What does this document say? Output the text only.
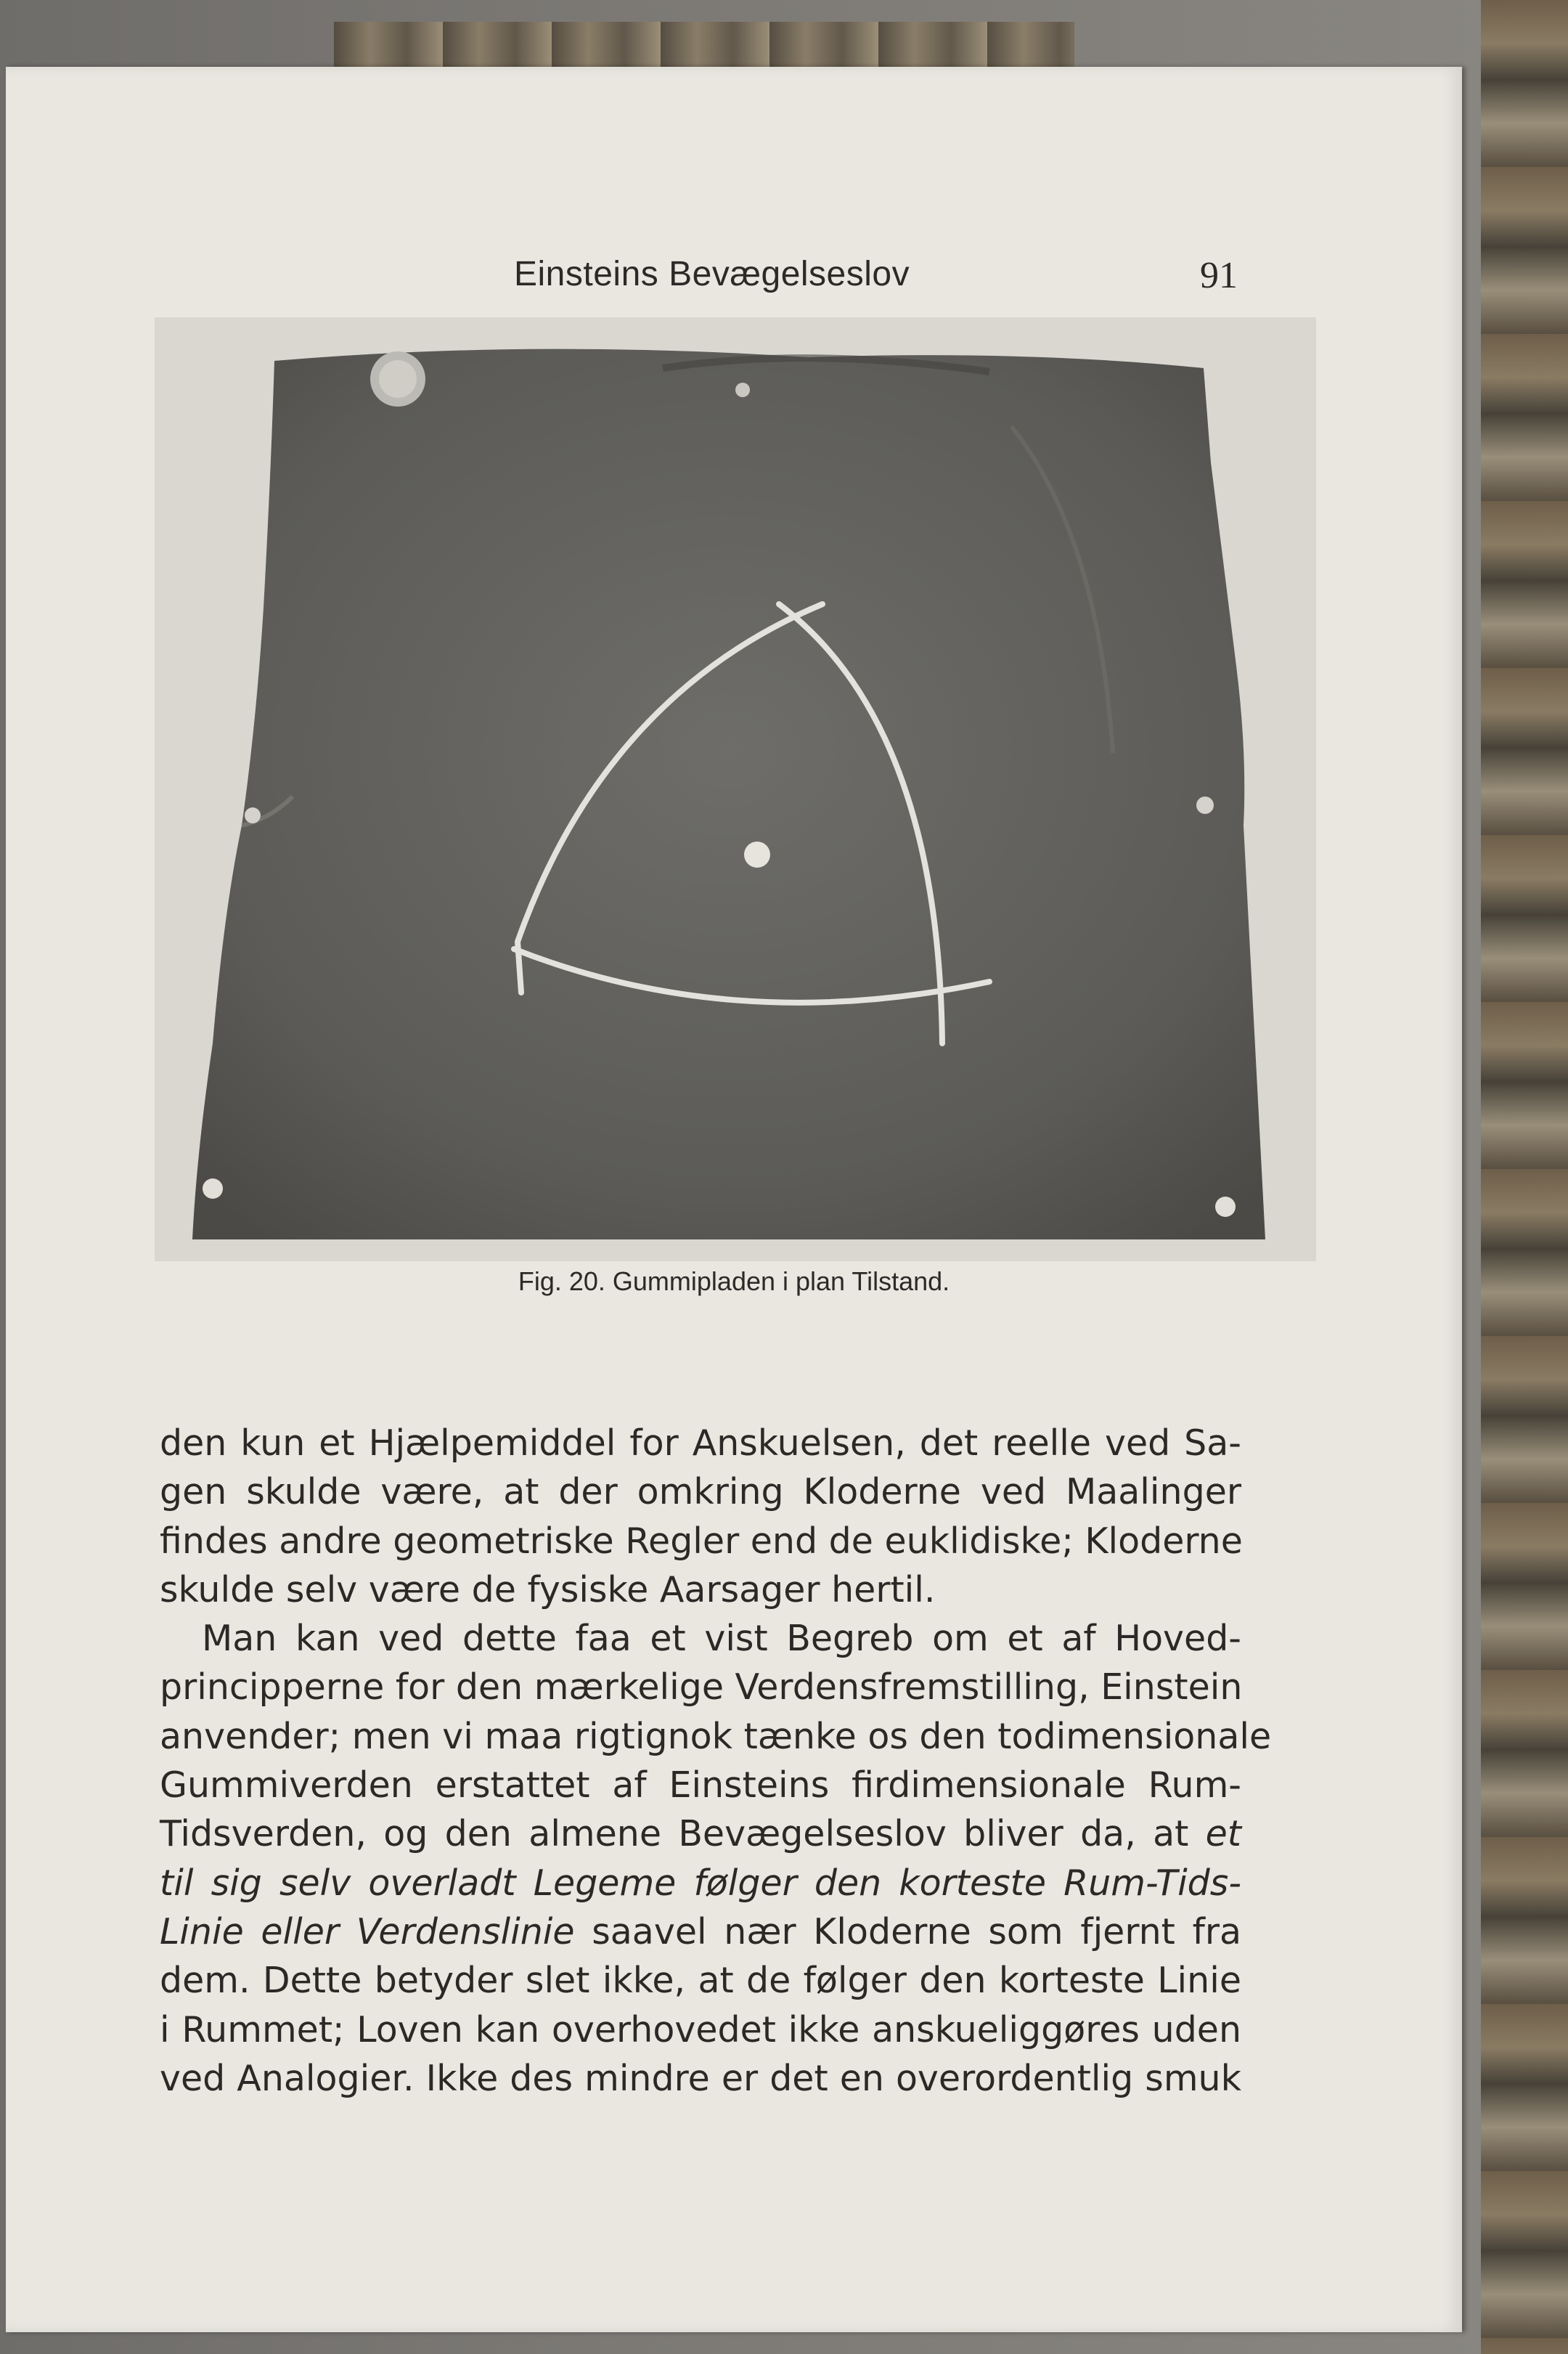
Einsteins Bevægelseslov	91
Fig. 20. Gummipladen i plan Tilstand.
den kun et Hjælpemiddel for Anskuelsen, det reelle ved Sa-
gen skulde være, at der omkring Kloderne ved Maalinger
findes andre geometriske Regler end de euklidiske; Kloderne
skulde selv være de fysiske Aarsager hertil.
Man kan ved dette faa et vist Begreb om et af Hoved-
principperne for den mærkelige Verdensfremstilling, Einstein
anvender; men vi maa rigtignok tænke os den todimensionale
Gummiverden erstattet af Einsteins firdimensionale Rum-
Tidsverden, og den almene Bevægelseslov bliver da, at et
til sig selv overladt Legeme følger den korteste Rum-Tids-
Linie eller Verdenslinie saavel nær Kloderne som fjernt fra
dem. Dette betyder slet ikke, at de følger den korteste Linie
i Rummet; Loven kan overhovedet ikke anskueliggøres uden
ved Analogier. Ikke des mindre er det en overordentlig smuk
